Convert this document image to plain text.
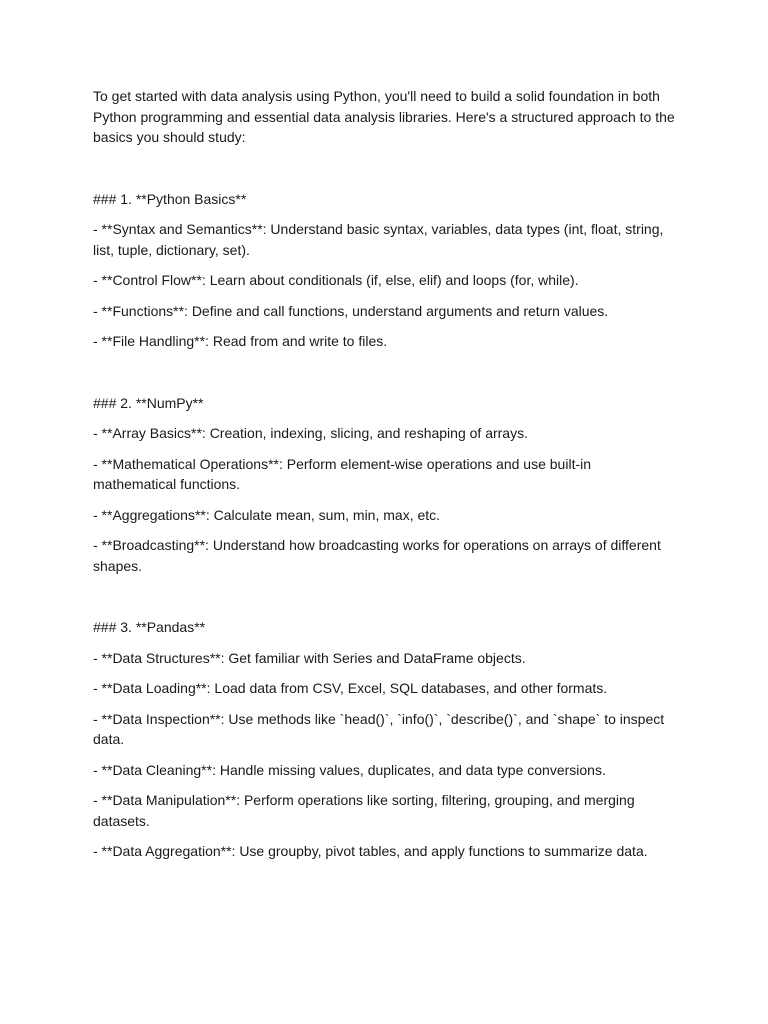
To get started with data analysis using Python, you'll need to build a solid foundation in both Python programming and essential data analysis libraries. Here's a structured approach to the basics you should study:

### 1. **Python Basics**

- **Syntax and Semantics**: Understand basic syntax, variables, data types (int, float, string, list, tuple, dictionary, set).

- **Control Flow**: Learn about conditionals (if, else, elif) and loops (for, while).

- **Functions**: Define and call functions, understand arguments and return values.

- **File Handling**: Read from and write to files.

### 2. **NumPy**

- **Array Basics**: Creation, indexing, slicing, and reshaping of arrays.

- **Mathematical Operations**: Perform element-wise operations and use built-in mathematical functions.

- **Aggregations**: Calculate mean, sum, min, max, etc.

- **Broadcasting**: Understand how broadcasting works for operations on arrays of different shapes.

### 3. **Pandas**

- **Data Structures**: Get familiar with Series and DataFrame objects.

- **Data Loading**: Load data from CSV, Excel, SQL databases, and other formats.

- **Data Inspection**: Use methods like `head()`, `info()`, `describe()`, and `shape` to inspect data.

- **Data Cleaning**: Handle missing values, duplicates, and data type conversions.

- **Data Manipulation**: Perform operations like sorting, filtering, grouping, and merging datasets.

- **Data Aggregation**: Use groupby, pivot tables, and apply functions to summarize data.
